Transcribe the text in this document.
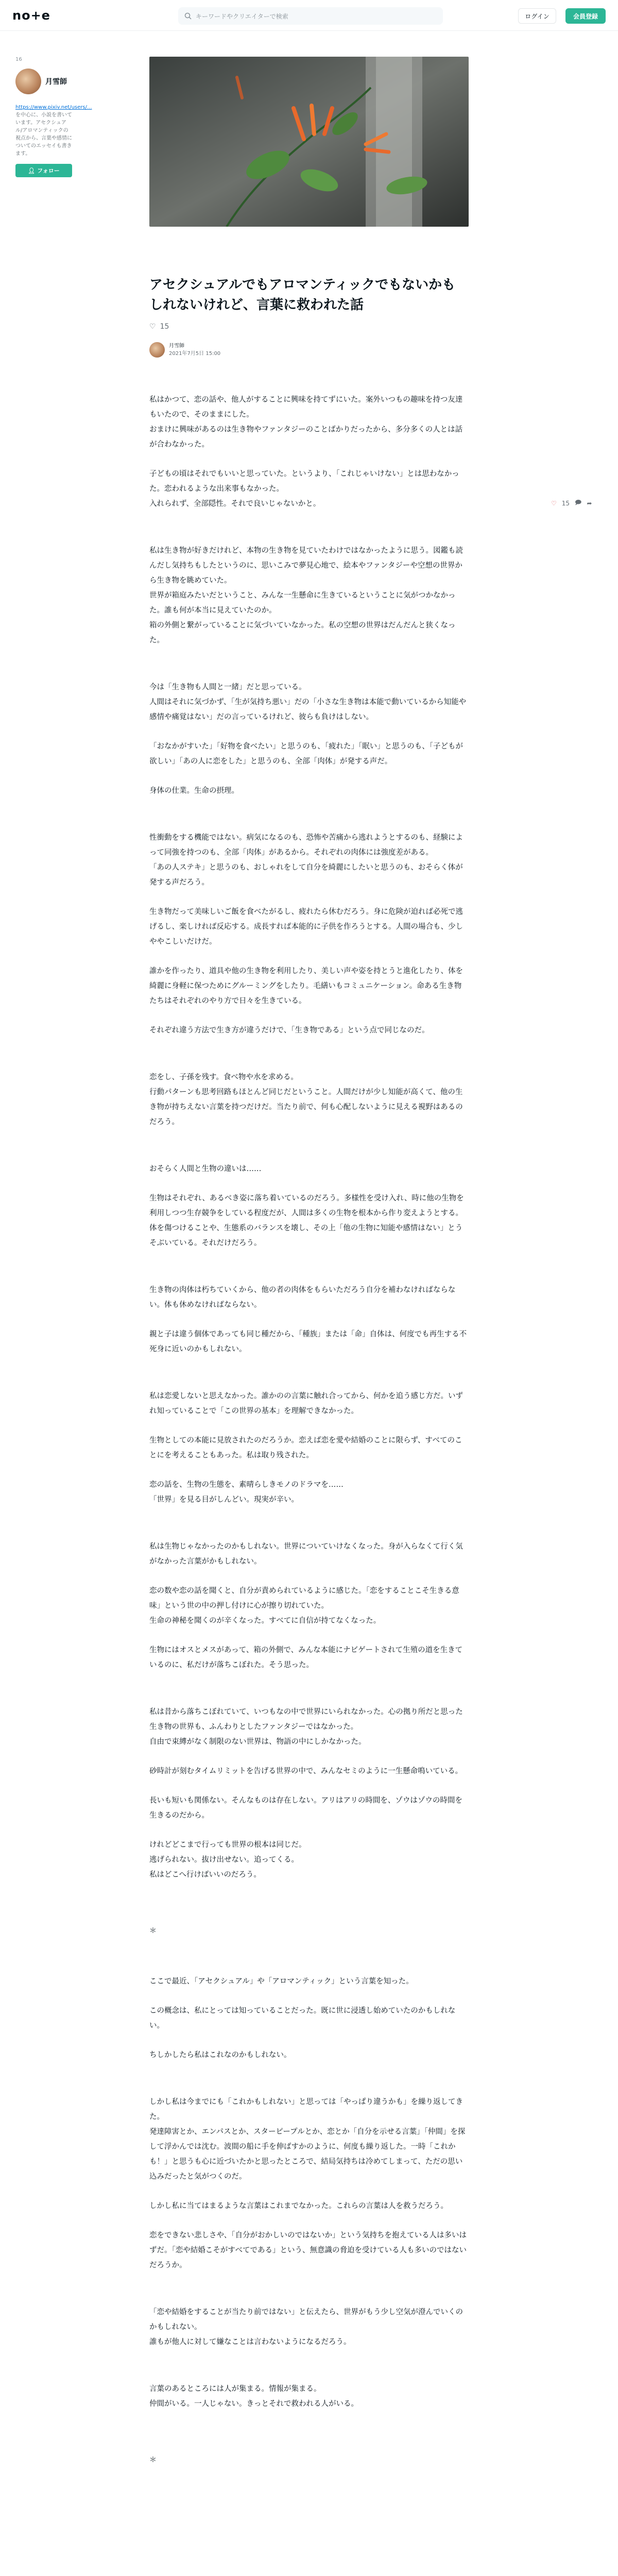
no+e	キーワードやクリエイターで検索	ログイン	会員登録
16
月雪師
https://www.pixiv.net/users/... を中心に、小説を書いています。アセクシュアル/アロマンティックの視点から、言葉や感情についてのエッセイも書きます。
👤︎ フォロー
♡ 15 🗩︎ ➦
アセクシュアルでもアロマンティックでもないかもしれないけれど、言葉に救われた話
♡ 15
月雪師
2021年7月5日 15:00

私はかつて、恋の話や、他人がすることに興味を持てずにいた。案外いつもの趣味を持つ友達もいたので、そのままにした。
おまけに興味があるのは生き物やファンタジーのことばかりだったから、多分多くの人とは話が合わなかった。

子どもの頃はそれでもいいと思っていた。というより、「これじゃいけない」とは思わなかった。恋われるような出来事もなかった。
入れられず、全部隠性。それで良いじゃないかと。

私は生き物が好きだけれど、本物の生き物を見ていたわけではなかったように思う。図鑑も読んだし気持ちもしたというのに、思いこみで夢見心地で、絵本やファンタジーや空想の世界から生き物を眺めていた。
世界が箱庭みたいだということ、みんな一生懸命に生きているということに気がつかなかった。誰も何が本当に見えていたのか。
箱の外側と繋がっていることに気づいていなかった。私の空想の世界はだんだんと狭くなった。

今は「生き物も人間と一緒」だと思っている。
人間はそれに気づかず、「生が気持ち悪い」だの「小さな生き物は本能で動いているから知能や感情や痛覚はない」だの言っているけれど、彼らも負けはしない。

「おなかがすいた」「好物を食べたい」と思うのも、「疲れた」「眠い」と思うのも、「子どもが欲しい」「あの人に恋をした」と思うのも、全部「肉体」が発する声だ。

身体の仕業。生命の摂理。

性衝動をする機能ではない。病気になるのも、恐怖や苦痛から逃れようとするのも、経験によって同強を持つのも、全部「肉体」があるから。それぞれの肉体には強度差がある。
「あの人ステキ」と思うのも、おしゃれをして自分を綺麗にしたいと思うのも、おそらく体が発する声だろう。

生き物だって美味しいご飯を食べたがるし、疲れたら休むだろう。身に危険が迫れば必死で逃げるし、楽しければ反応する。成長すれば本能的に子供を作ろうとする。人間の場合も、少しややこしいだけだ。

誰かを作ったり、道具や他の生き物を利用したり、美しい声や姿を持とうと進化したり、体を綺麗に身軽に保つためにグルーミングをしたり。毛繕いもコミュニケーション。命ある生き物たちはそれぞれのやり方で日々を生きている。

それぞれ違う方法で生き方が違うだけで、「生き物である」という点で同じなのだ。

恋をし、子孫を残す。食べ物や水を求める。
行動パターンも思考回路もほとんど同じだということ。人間だけが少し知能が高くて、他の生き物が持ちえない言葉を持つだけだ。当たり前で、何も心配しないように見える視野はあるのだろう。

おそらく人間と生物の違いは……

生物はそれぞれ、あるべき姿に落ち着いているのだろう。多様性を受け入れ、時に他の生物を利用しつつ生存競争をしている程度だが、人間は多くの生物を根本から作り変えようとする。
体を傷つけることや、生態系のバランスを壊し、その上「他の生物に知能や感情はない」とうそぶいている。それだけだろう。

生き物の肉体は朽ちていくから、他の者の肉体をもらいただろう自分を補わなければならない。体も休めなければならない。

親と子は違う個体であっても同じ種だから、「種族」または「命」自体は、何度でも再生する不死身に近いのかもしれない。

私は恋愛しないと思えなかった。誰かのの言葉に触れ合ってから、何かを追う感じ方だ。いずれ知っていることで「この世界の基本」を理解できなかった。

生物としての本能に見放されたのだろうか。恋えば恋を愛や結婚のことに限らず、すべてのことにを考えることもあった。私は取り残された。

恋の話を、生物の生態を、素晴らしきモノのドラマを……
「世界」を見る目がしんどい。現実が辛い。

私は生物じゃなかったのかもしれない。世界についていけなくなった。身が入らなくて行く気がなかった言葉がかもしれない。

恋の数や恋の話を聞くと、自分が責められているように感じた。「恋をすることこそ生きる意味」という世の中の押し付けに心が擦り切れていた。
生命の神秘を聞くのが辛くなった。すべてに自信が持てなくなった。

生物にはオスとメスがあって、箱の外側で、みんな本能にナビゲートされて生殖の道を生きているのに、私だけが落ちこぼれた。そう思った。

私は昔から落ちこぼれていて、いつもなの中で世界にいられなかった。心の拠り所だと思った生き物の世界も、ふんわりとしたファンタジーではなかった。
自由で束縛がなく制限のない世界は、物語の中にしかなかった。

砂時計が刻むタイムリミットを告げる世界の中で、みんなセミのように一生懸命鳴いている。

長いも短いも関係ない。そんなものは存在しない。アリはアリの時間を、ゾウはゾウの時間を生きるのだから。

けれどどこまで行っても世界の根本は同じだ。
逃げられない。抜け出せない。追ってくる。
私はどこへ行けばいいのだろう。

＊

ここで最近、「アセクシュアル」や「アロマンティック」という言葉を知った。

この概念は、私にとっては知っていることだった。既に世に浸透し始めていたのかもしれない。

ちしかしたら私はこれなのかもしれない。

しかし私は今までにも「これかもしれない」と思っては「やっぱり違うかも」を繰り返してきた。
発達障害とか、エンパスとか、スターピープルとか、恋とか「自分を示せる言葉」「仲間」を探して浮かんでは沈む。波間の船に手を伸ばすかのように、何度も繰り返した。一時「これかも！」と思うも心に近づいたかと思ったところで、結局気持ちは冷めてしまって、ただの思い込みだったと気がつくのだ。

しかし私に当てはまるような言葉はこれまでなかった。これらの言葉は人を救うだろう。

恋をできない悲しさや、「自分がおかしいのではないか」という気持ちを抱えている人は多いはずだ。「恋や結婚こそがすべてである」という、無意識の脅迫を受けている人も多いのではないだろうか。

「恋や結婚をすることが当たり前ではない」と伝えたら、世界がもう少し空気が澄んでいくのかもしれない。
誰もが他人に対して嫌なことは言わないようになるだろう。

言葉のあるところには人が集まる。情報が集まる。
仲間がいる。一人じゃない。きっとそれで救われる人がいる。

＊
